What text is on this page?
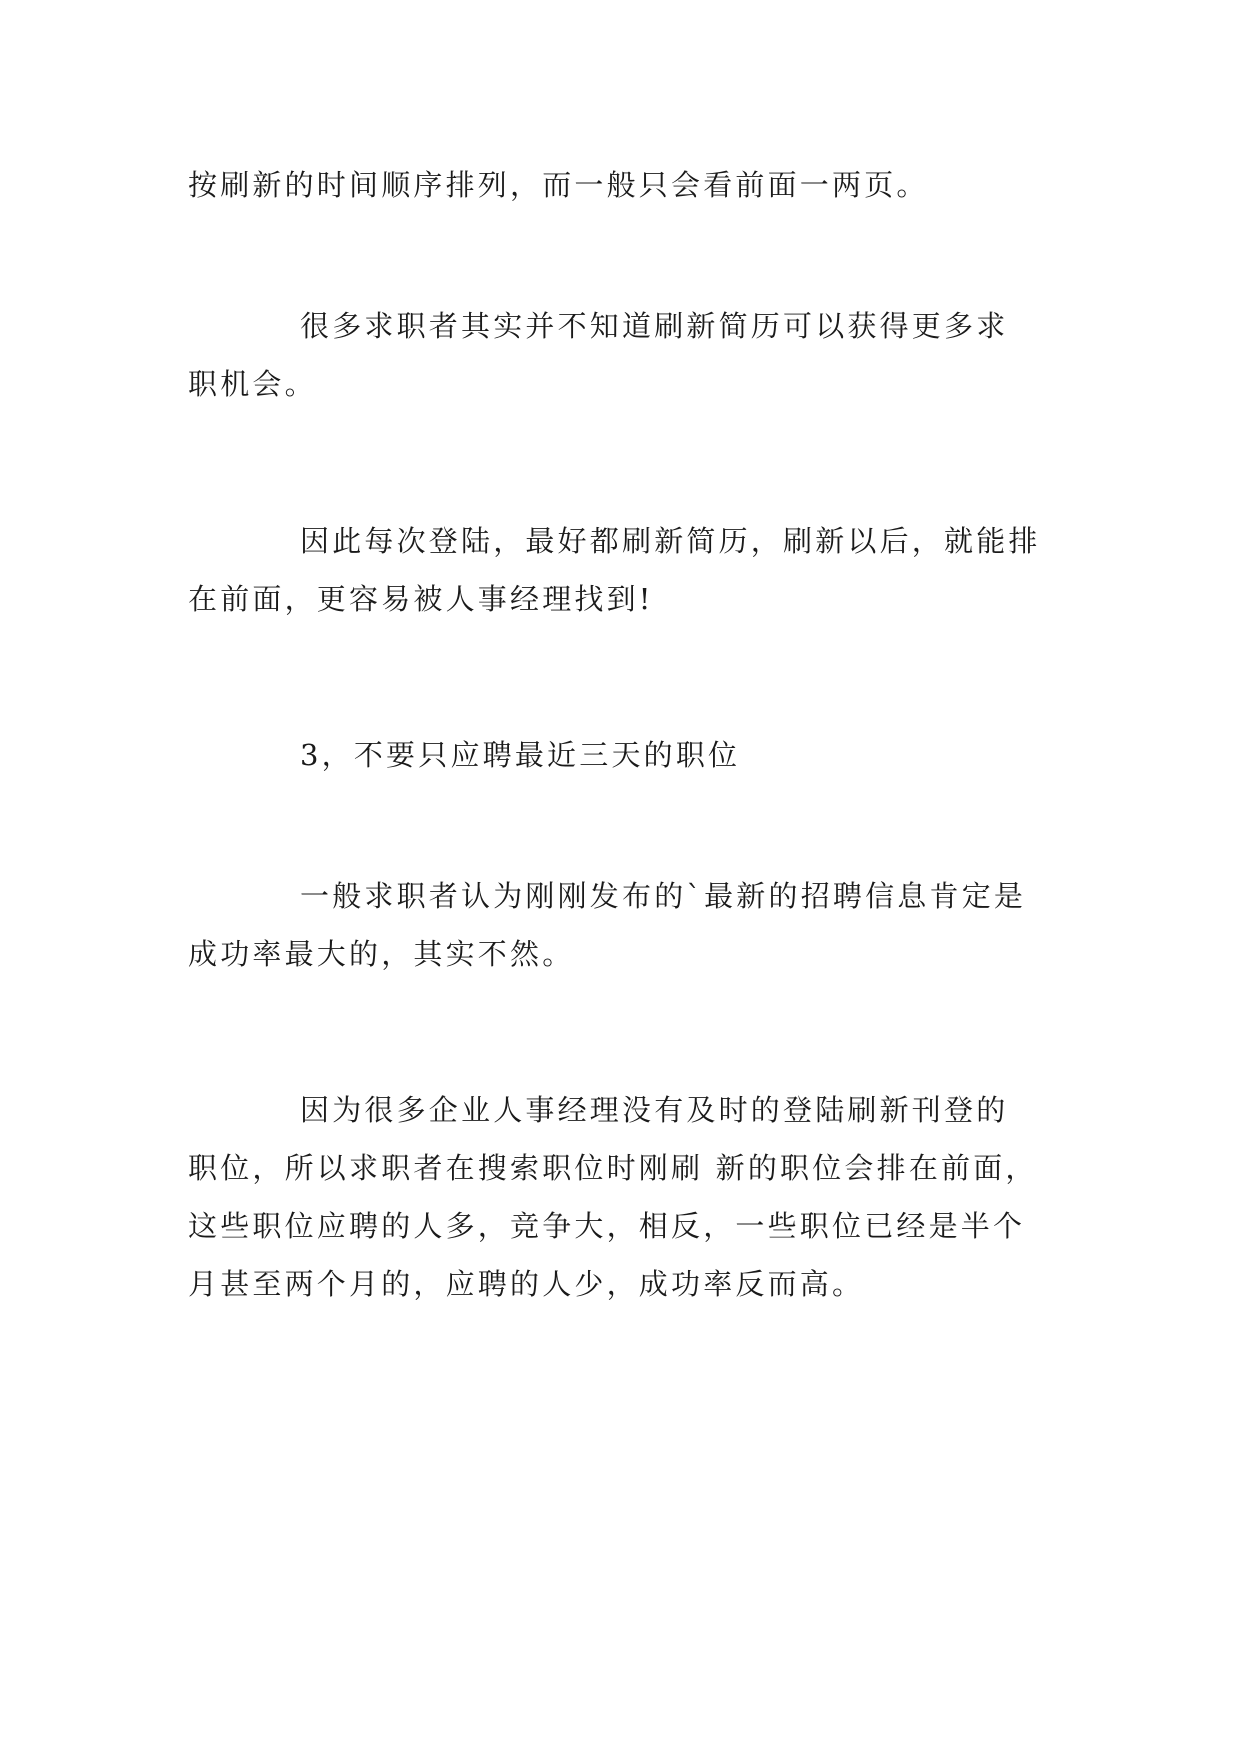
按刷新的时间顺序排列，而一般只会看前面一两页。

很多求职者其实并不知道刷新简历可以获得更多求
职机会。

因此每次登陆，最好都刷新简历，刷新以后，就能排
在前面，更容易被人事经理找到!

3，不要只应聘最近三天的职位

一般求职者认为刚刚发布的`最新的招聘信息肯定是
成功率最大的，其实不然。

因为很多企业人事经理没有及时的登陆刷新刊登的
职位，所以求职者在搜索职位时刚刷 新的职位会排在前面，
这些职位应聘的人多，竞争大，相反，一些职位已经是半个
月甚至两个月的，应聘的人少，成功率反而高。
